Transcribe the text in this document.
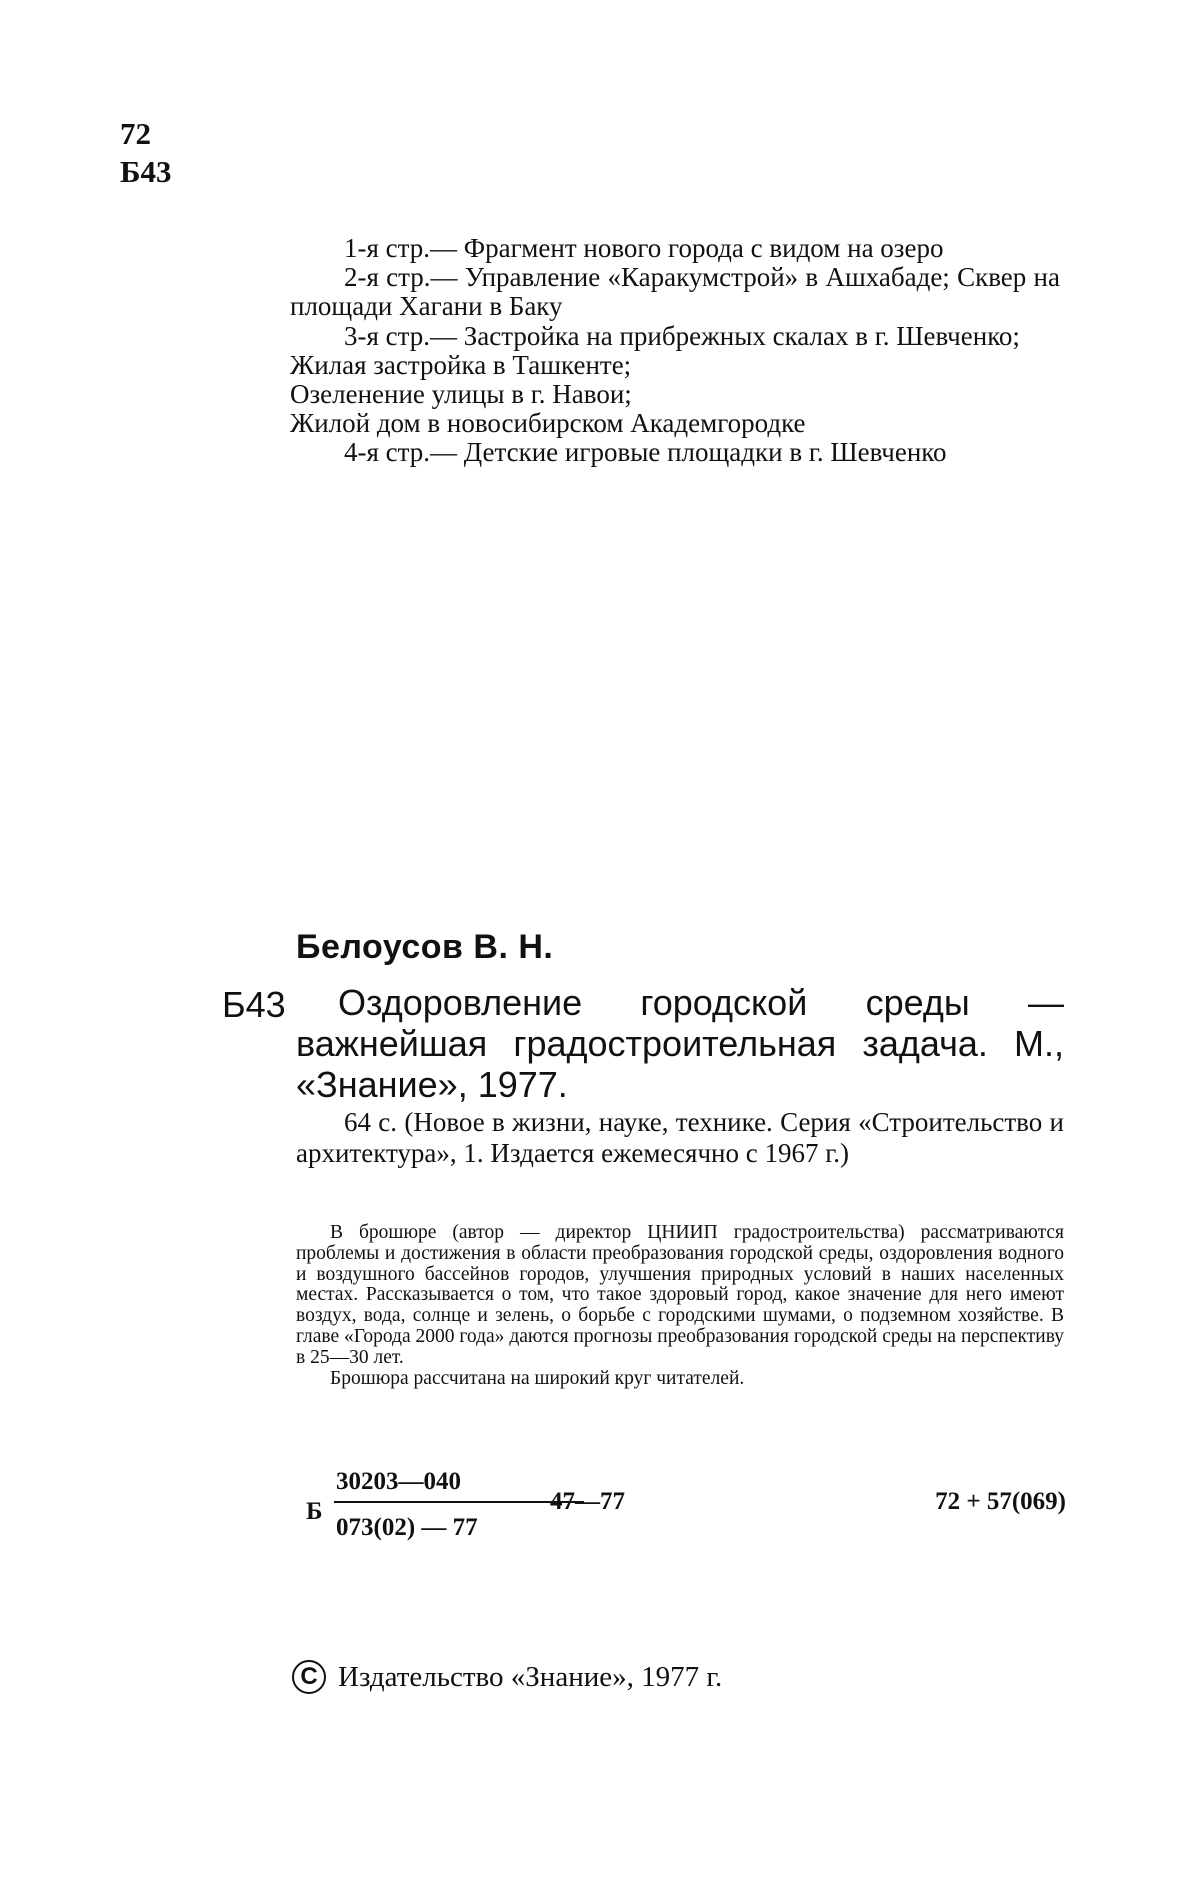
72
Б43

1-я стр.— Фрагмент нового города с видом на озеро

2-я стр.— Управление «Каракумстрой» в Ашхабаде; Сквер на площади Хагани в Баку

3-я стр.— Застройка на прибрежных скалах в г. Шевченко;

Жилая застройка в Ташкенте;

Озеленение улицы в г. Навои;

Жилой дом в новосибирском Академгородке

4-я стр.— Детские игровые площадки в г. Шевченко

Белоусов В. Н.
Б43	Оздоровление городской среды — важнейшая градостроительная задача. М., «Знание», 1977.
64 с. (Новое в жизни, науке, технике. Серия «Строительство и архитектура», 1. Издается ежемесячно с 1967 г.)

В брошюре (автор — директор ЦНИИП градостроительства) рассматриваются проблемы и достижения в области преобразования городской среды, оздоровления водного и воздушного бассейнов городов, улучшения природных условий в наших населенных местах. Рассказывается о том, что такое здоровый город, какое значение для него имеют воздух, вода, солнце и зелень, о борьбе с городскими шумами, о подземном хозяйстве. В главе «Города 2000 года» даются прогнозы преобразования городской среды на перспективу в 25—30 лет.

Брошюра рассчитана на широкий круг читателей.

Б
30203—040
073(02) — 77
47—77	72 + 57(069)
С Издательство «Знание», 1977 г.
